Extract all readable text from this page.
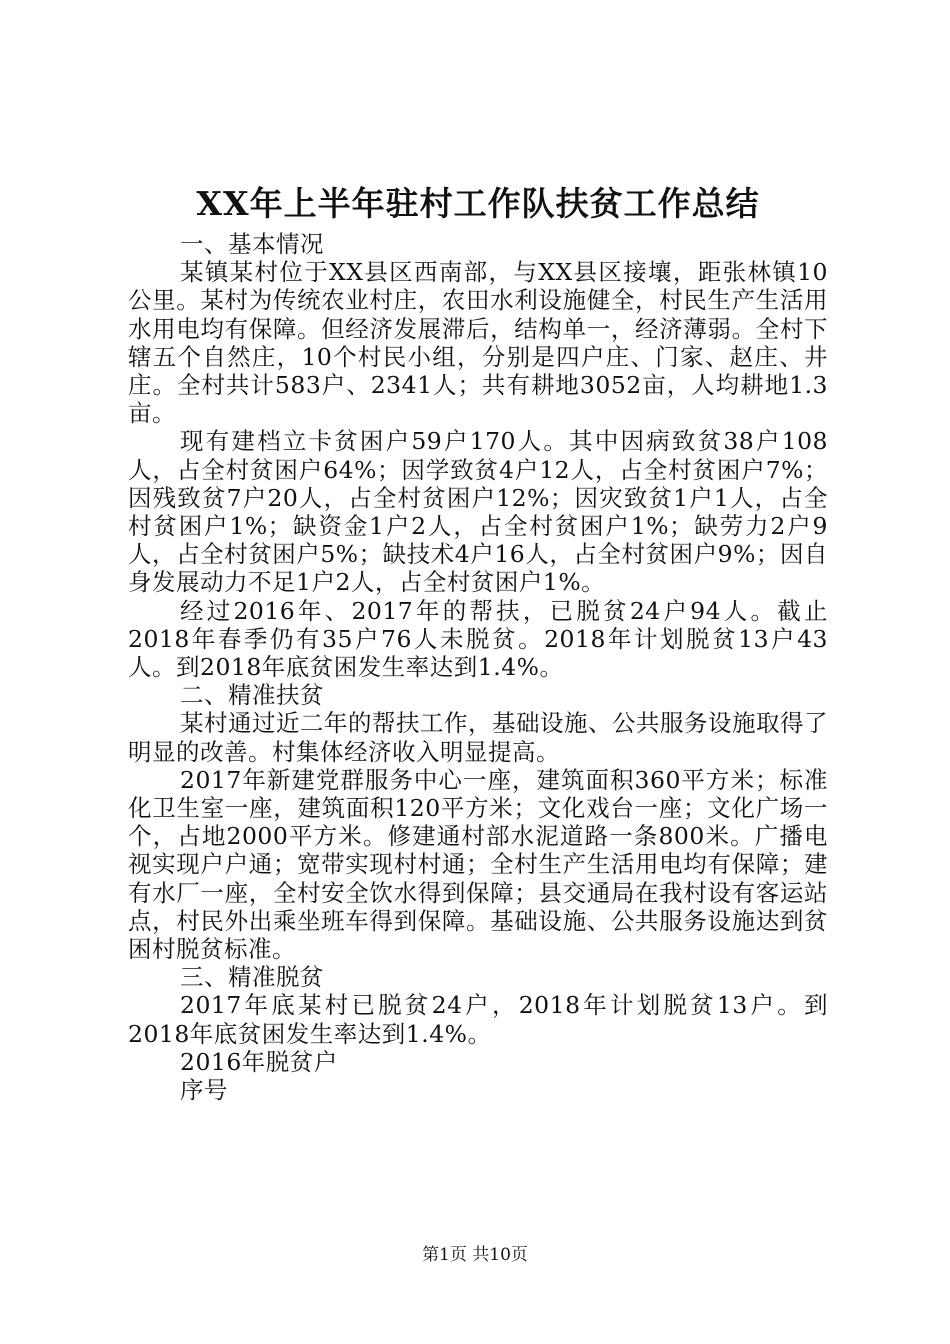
XX年上半年驻村工作队扶贫工作总结
一、基本情况

某镇某村位于XX县区西南部，与XX县区接壤，距张林镇10公里。某村为传统农业村庄，农田水利设施健全，村民生产生活用水用电均有保障。但经济发展滞后，结构单一，经济薄弱。全村下辖五个自然庄，10个村民小组，分别是四户庄、门家、赵庄、井庄。全村共计583户、2341人；共有耕地3052亩，人均耕地1.3亩。

现有建档立卡贫困户59户170人。其中因病致贫38户108人，占全村贫困户64%；因学致贫4户12人，占全村贫困户7%；因残致贫7户20人，占全村贫困户12%；因灾致贫1户1人，占全村贫困户1%；缺资金1户2人，占全村贫困户1%；缺劳力2户9人，占全村贫困户5%；缺技术4户16人，占全村贫困户9%；因自身发展动力不足1户2人，占全村贫困户1%。

经过2016年、2017年的帮扶，已脱贫24户94人。截止2018年春季仍有35户76人未脱贫。2018年计划脱贫13户43人。到2018年底贫困发生率达到1.4%。

二、精准扶贫

某村通过近二年的帮扶工作，基础设施、公共服务设施取得了明显的改善。村集体经济收入明显提高。

2017年新建党群服务中心一座，建筑面积360平方米；标准化卫生室一座，建筑面积120平方米；文化戏台一座；文化广场一个，占地2000平方米。修建通村部水泥道路一条800米。广播电视实现户户通；宽带实现村村通；全村生产生活用电均有保障；建有水厂一座，全村安全饮水得到保障；县交通局在我村设有客运站点，村民外出乘坐班车得到保障。基础设施、公共服务设施达到贫困村脱贫标准。

三、精准脱贫

2017年底某村已脱贫24户，2018年计划脱贫13户。到2018年底贫困发生率达到1.4%。

2016年脱贫户
序号
第1页 共10页
